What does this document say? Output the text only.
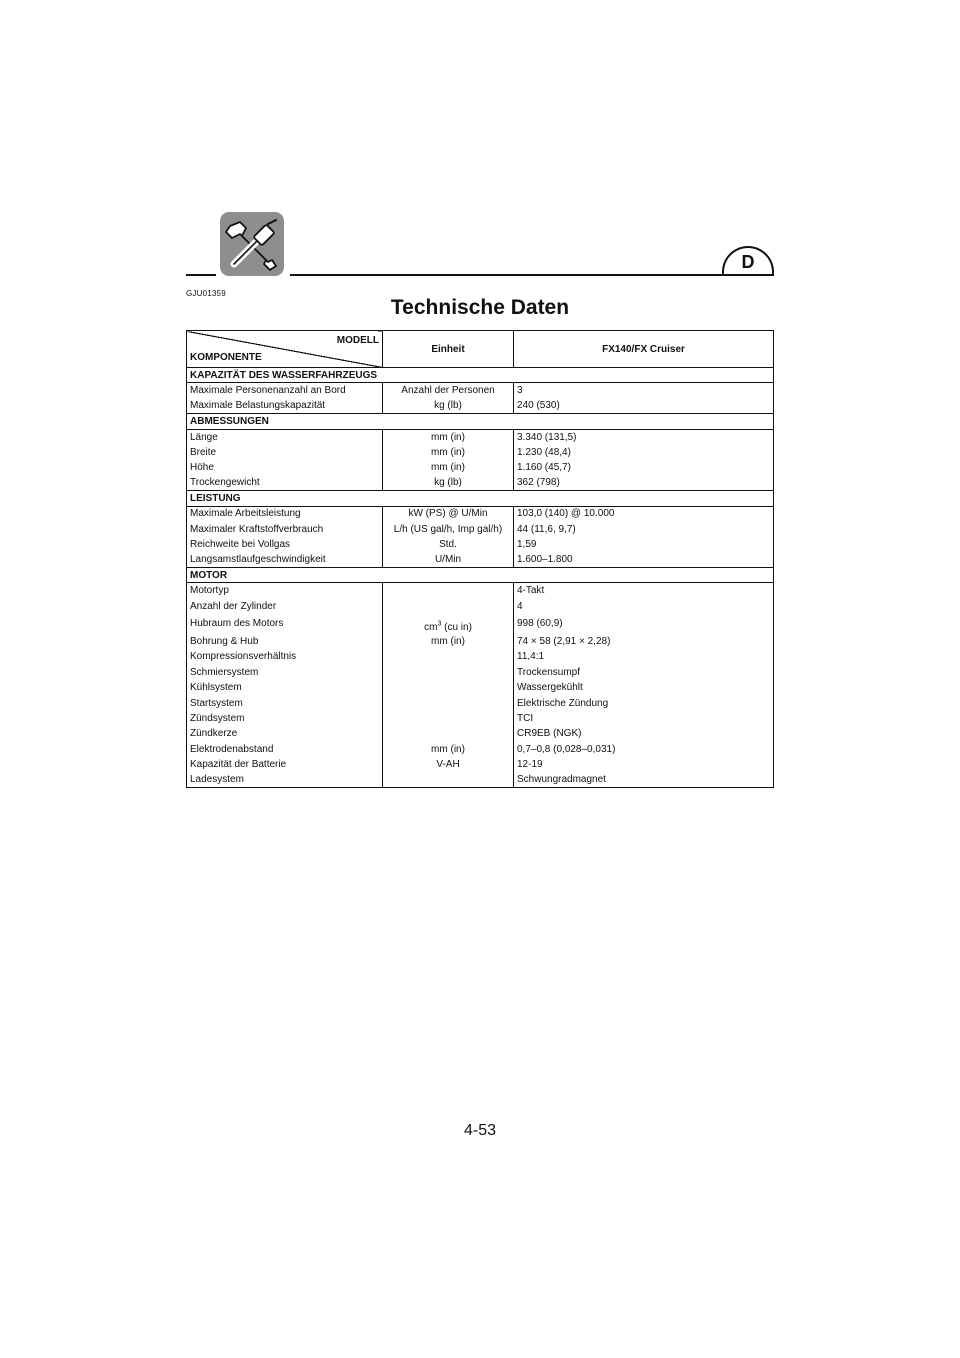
D
GJU01359
Technische Daten
MODELL
KOMPONENTE	Einheit	FX140/FX Cruiser
KAPAZITÄT DES WASSERFAHRZEUGS		
Maximale Personenanzahl an Bord	Anzahl der Personen	3
Maximale Belastungskapazität	kg (lb)	240 (530)
ABMESSUNGEN		
Länge	mm (in)	3.340 (131,5)
Breite	mm (in)	1.230 (48,4)
Höhe	mm (in)	1.160 (45,7)
Trockengewicht	kg (lb)	362 (798)
LEISTUNG		
Maximale Arbeitsleistung	kW (PS) @ U/Min	103,0 (140) @ 10.000
Maximaler Kraftstoffverbrauch	L/h (US gal/h, Imp gal/h)	44 (11,6, 9,7)
Reichweite bei Vollgas	Std.	1,59
Langsamstlaufgeschwindigkeit	U/Min	1.600–1.800
MOTOR		
Motortyp		4-Takt
Anzahl der Zylinder		4
Hubraum des Motors	$cm^3$ (cu in)	998 (60,9)
Bohrung & Hub	mm (in)	74 × 58 (2,91 × 2,28)
Kompressionsverhältnis		11,4:1
Schmiersystem		Trockensumpf
Kühlsystem		Wassergekühlt
Startsystem		Elektrische Zündung
Zündsystem		TCI
Zündkerze		CR9EB (NGK)
Elektrodenabstand	mm (in)	0,7–0,8 (0,028–0,031)
Kapazität der Batterie	V-AH	12-19
Ladesystem		Schwungradmagnet
4-53
